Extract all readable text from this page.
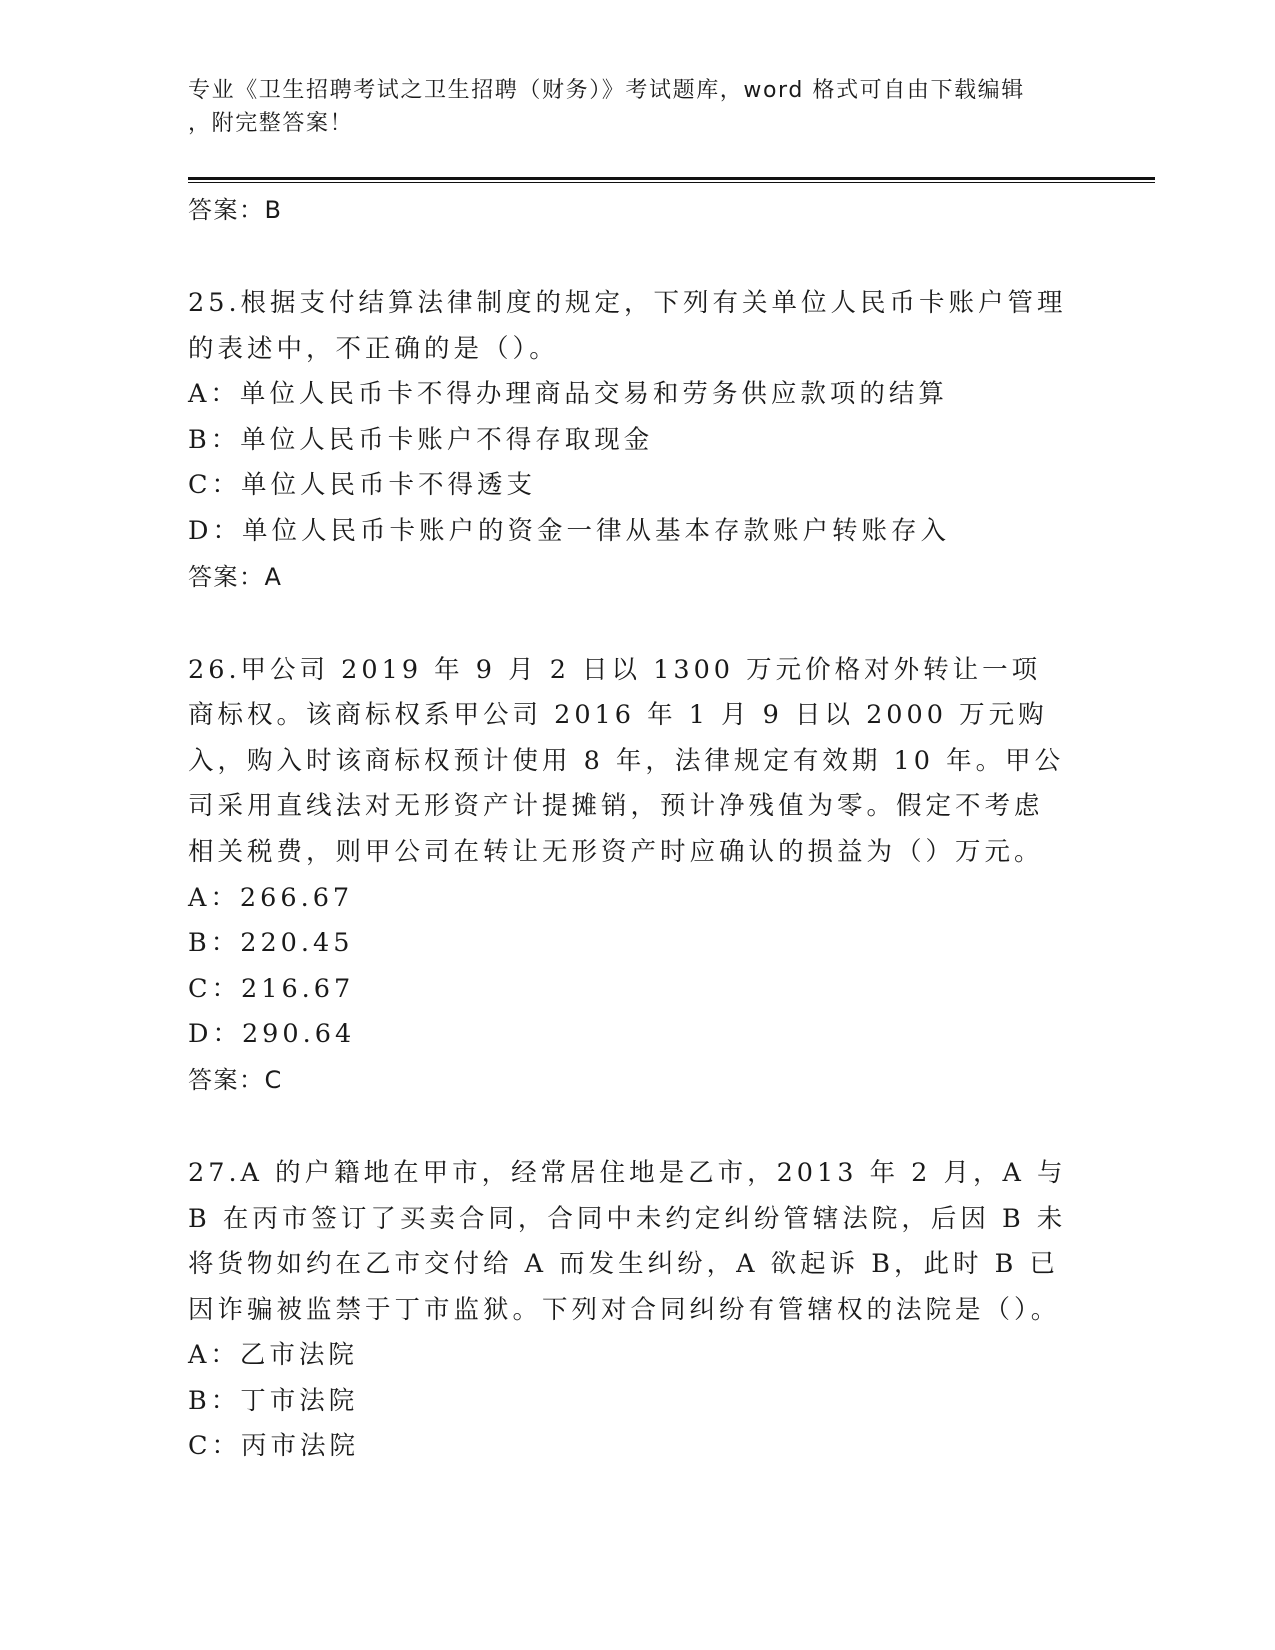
专业《卫生招聘考试之卫生招聘（财务）》考试题库，word 格式可自由下载编辑
，附完整答案！
答案：B
25.根据支付结算法律制度的规定，下列有关单位人民币卡账户管理的表述中，不正确的是（）。
A：单位人民币卡不得办理商品交易和劳务供应款项的结算
B：单位人民币卡账户不得存取现金
C：单位人民币卡不得透支
D：单位人民币卡账户的资金一律从基本存款账户转账存入
答案：A
26.甲公司 2019 年 9 月 2 日以 1300 万元价格对外转让一项商标权。该商标权系甲公司 2016 年 1 月 9 日以 2000 万元购入，购入时该商标权预计使用 8 年，法律规定有效期 10 年。甲公司采用直线法对无形资产计提摊销，预计净残值为零。假定不考虑相关税费，则甲公司在转让无形资产时应确认的损益为（）万元。
A：266.67
B：220.45
C：216.67
D：290.64
答案：C
27.A 的户籍地在甲市，经常居住地是乙市，2013 年 2 月，A 与 B 在丙市签订了买卖合同，合同中未约定纠纷管辖法院，后因 B 未将货物如约在乙市交付给 A 而发生纠纷，A 欲起诉 B，此时 B 已因诈骗被监禁于丁市监狱。下列对合同纠纷有管辖权的法院是（）。
A：乙市法院
B：丁市法院
C：丙市法院
